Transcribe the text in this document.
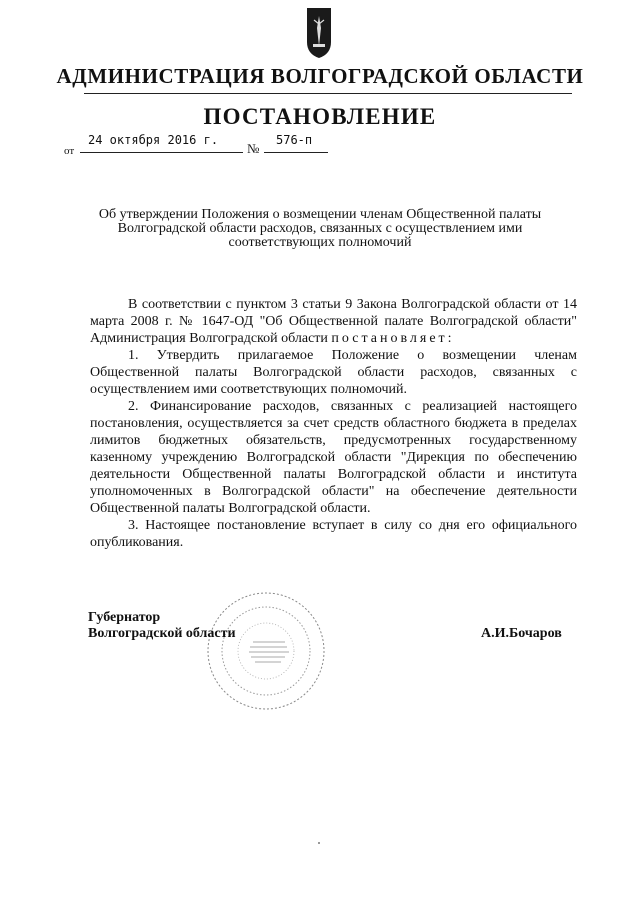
АДМИНИСТРАЦИЯ ВОЛГОГРАДСКОЙ ОБЛАСТИ
ПОСТАНОВЛЕНИЕ
от
24 октября 2016 г.
№
576-п
Об утверждении Положения о возмещении членам Общественной палаты
Волгоградской области расходов, связанных с осуществлением ими
соответствующих полномочий

В соответствии с пунктом 3 статьи 9 Закона Волгоградской области от 14 марта 2008 г. № 1647-ОД "Об Общественной палате Волгоградской области" Администрация Волгоградской области постановляет:

1. Утвердить прилагаемое Положение о возмещении членам Общественной палаты Волгоградской области расходов, связанных с осуществлением ими соответствующих полномочий.

2. Финансирование расходов, связанных с реализацией настоящего постановления, осуществляется за счет средств областного бюджета в пределах лимитов бюджетных обязательств, предусмотренных государственному казенному учреждению Волгоградской области "Дирекция по обеспечению деятельности Общественной палаты Волгоградской области и института уполномоченных в Волгоградской области" на обеспечение деятельности Общественной палаты Волгоградской области.

3. Настоящее постановление вступает в силу со дня его официального опубликования.

Губернатор
Волгоградской области	А.И.Бочаров
